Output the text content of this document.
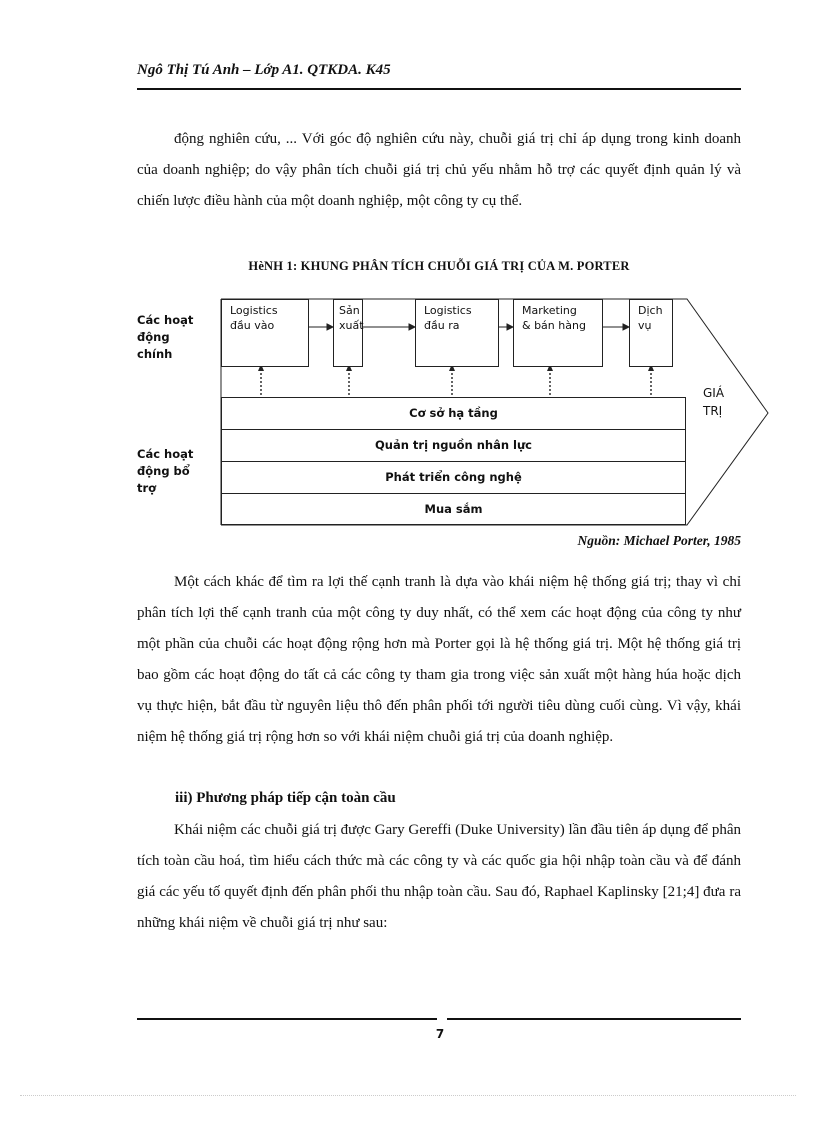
Ngô Thị Tú Anh – Lớp A1. QTKDA. K45

động nghiên cứu, ... Với góc độ nghiên cứu này, chuỗi giá trị chỉ áp dụng trong kinh doanh của doanh nghiệp; do vậy phân tích chuỗi giá trị chủ yếu nhằm hỗ trợ các quyết định quản lý và chiến lược điều hành của một doanh nghiệp, một công ty cụ thể.

HèNH 1: KHUNG PHÂN TÍCH CHUỖI GIÁ TRỊ CỦA M. PORTER
Các hoạt động chính
Các hoạt động bổ trợ
Logistics
đầu vào
Sản
xuất
Logistics
đầu ra
Marketing
& bán hàng
Dịch
vụ
GIÁ
TRỊ
Cơ sở hạ tầng
Quản trị nguồn nhân lực
Phát triển công nghệ
Mua sắm
Nguồn: Michael Porter, 1985

Một cách khác để tìm ra lợi thế cạnh tranh là dựa vào khái niệm hệ thống giá trị; thay vì chỉ phân tích lợi thế cạnh tranh của một công ty duy nhất, có thể xem các hoạt động của công ty như một phần của chuỗi các hoạt động rộng hơn mà Porter gọi là hệ thống giá trị. Một hệ thống giá trị bao gồm các hoạt động do tất cả các công ty tham gia trong việc sản xuất một hàng húa hoặc dịch vụ thực hiện, bắt đầu từ nguyên liệu thô đến phân phối tới người tiêu dùng cuối cùng. Vì vậy, khái niệm hệ thống giá trị rộng hơn so với khái niệm chuỗi giá trị của doanh nghiệp.

iii) Phương pháp tiếp cận toàn cầu

Khái niệm các chuỗi giá trị được Gary Gereffi (Duke University) lần đầu tiên áp dụng để phân tích toàn cầu hoá, tìm hiểu cách thức mà các công ty và các quốc gia hội nhập toàn cầu và để đánh giá các yếu tố quyết định đến phân phối thu nhập toàn cầu. Sau đó, Raphael Kaplinsky [21;4] đưa ra những khái niệm về chuỗi giá trị như sau:

7
